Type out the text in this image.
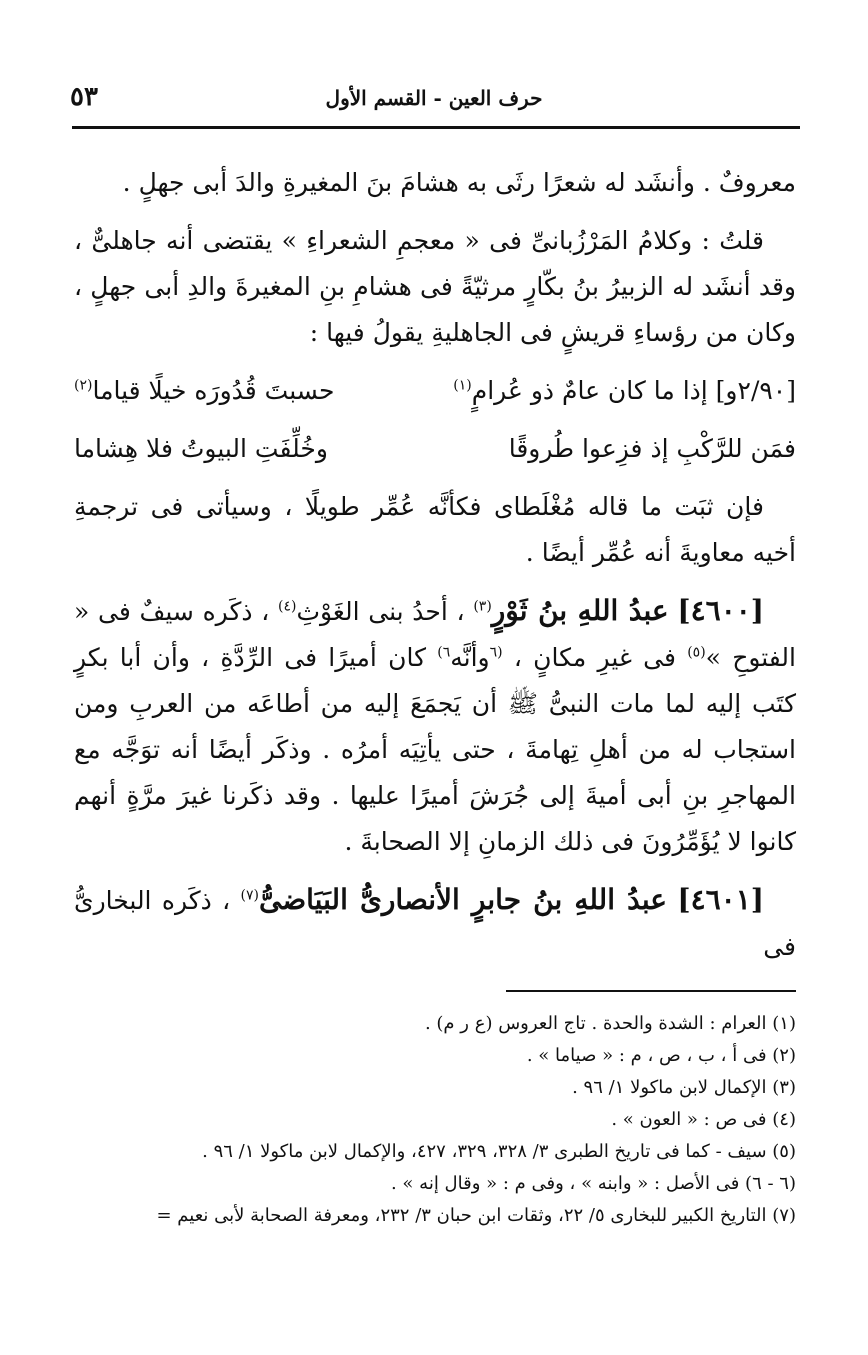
٥٣	حرف العين - القسم الأول

معروفٌ . وأنشَد له شعرًا رثَى به هشامَ بنَ المغيرةِ والدَ أبى جهلٍ .

قلتُ : وكلامُ المَرْزُبانىِّ فى « معجمِ الشعراءِ » يقتضى أنه جاهلىٌّ ، وقد أنشَد له الزبيرُ بنُ بكّارٍ مرثيّةً فى هشامِ بنِ المغيرةَ والدِ أبى جهلٍ ، وكان من رؤساءِ قريشٍ فى الجاهليةِ يقولُ فيها :

[٢/٩٠و] إذا ما كان عامٌ ذو عُرامٍ$^{(١)}$
حسبتَ قُدُورَه خيلًا قياما$^{(٢)}$
فمَن للرَّكْبِ إذ فزِعوا طُروقًا
وخُلِّفَتِ البيوتُ فلا هِشاما

فإن ثبَت ما قاله مُغْلَطاى فكأنَّه عُمِّر طويلًا ، وسيأتى فى ترجمةِ أخيه معاويةَ أنه عُمِّر أيضًا .

[٤٦٠٠] عبدُ اللهِ بنُ ثَوْرٍ$^{(٣)}$ ، أحدُ بنى الغَوْثِ$^{(٤)}$ ، ذكَره سيفٌ فى « الفتوحِ »$^{(٥)}$ فى غيرِ مكانٍ ، $^{(٦}$وأنَّه$^{٦)}$ كان أميرًا فى الرِّدَّةِ ، وأن أبا بكرٍ كتَب إليه لما مات النبىُّ ﷺ أن يَجمَعَ إليه من أطاعَه من العربِ ومن استجاب له من أهلِ تِهامةَ ، حتى يأتِيَه أمرُه . وذكَر أيضًا أنه توَجَّه مع المهاجرِ بنِ أبى أميةَ إلى جُرَشَ أميرًا عليها . وقد ذكَرنا غيرَ مرَّةٍ أنهم كانوا لا يُؤَمِّرُونَ فى ذلك الزمانِ إلا الصحابةَ .

[٤٦٠١] عبدُ اللهِ بنُ جابرٍ الأنصارىُّ البَيَاضىُّ$^{(٧)}$ ، ذكَره البخارىُّ فى

(١) العرام : الشدة والحدة . تاج العروس (ع ر م) .
(٢) فى أ ، ب ، ص ، م : « صياما » .
(٣) الإكمال لابن ماكولا ١/ ٩٦ .
(٤) فى ص : « العون » .
(٥) سيف - كما فى تاريخ الطبرى ٣/ ٣٢٨، ٣٢٩، ٤٢٧، والإكمال لابن ماكولا ١/ ٩٦ .
(٦ - ٦) فى الأصل : « وابنه » ، وفى م : « وقال إنه » .
(٧) التاريخ الكبير للبخارى ٥/ ٢٢، وثقات ابن حبان ٣/ ٢٣٢، ومعرفة الصحابة لأبى نعيم =
